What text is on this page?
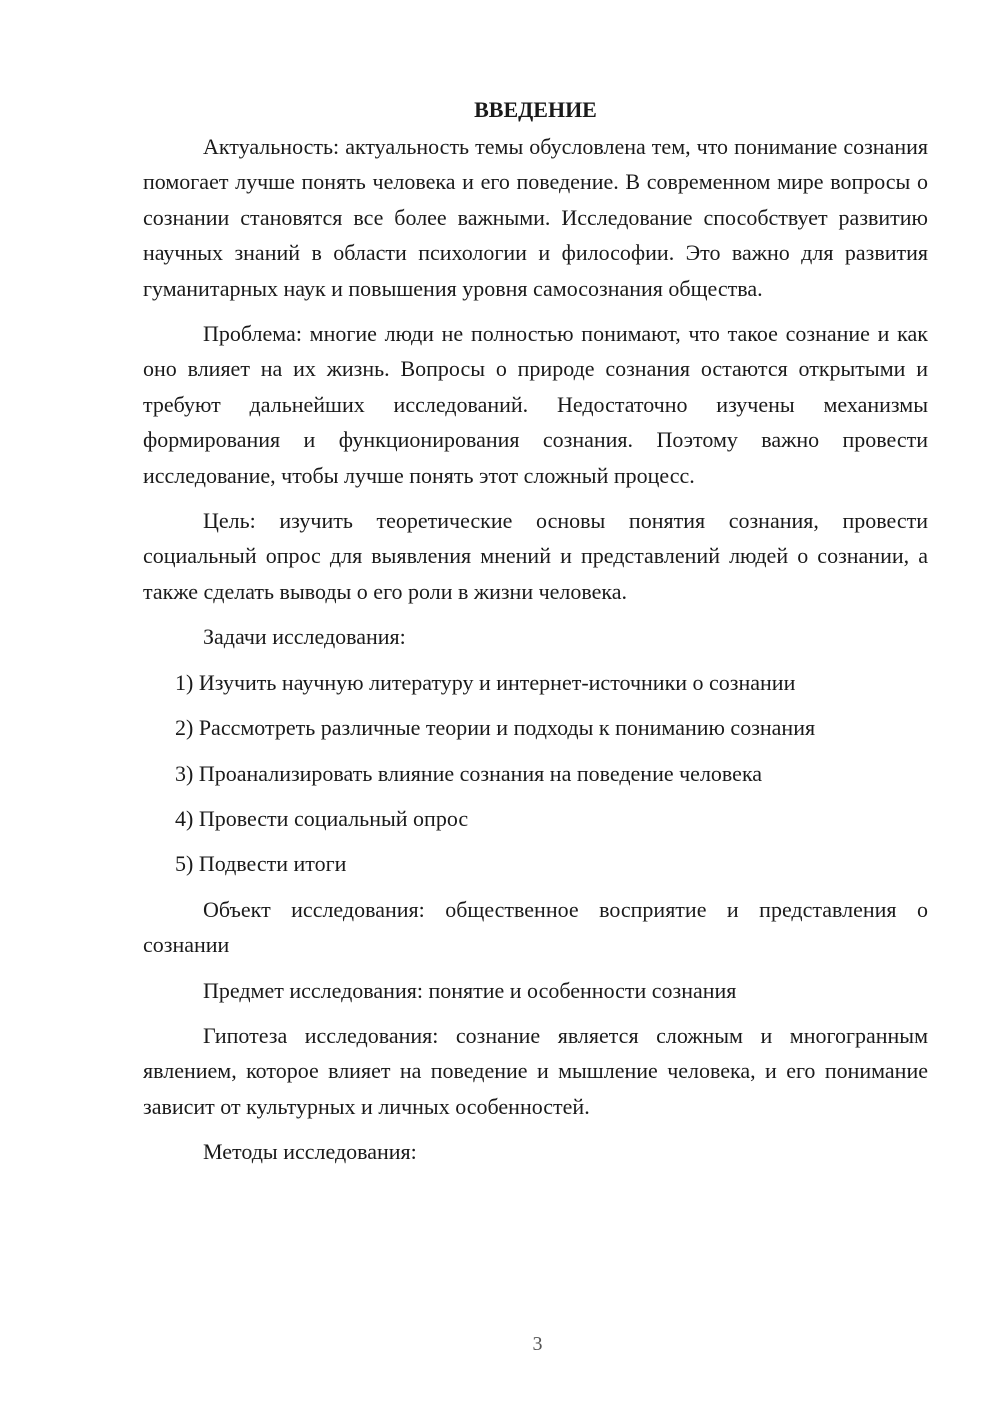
ВВЕДЕНИЕ

Актуальность: актуальность темы обусловлена тем, что понимание сознания помогает лучше понять человека и его поведение. В современном мире вопросы о сознании становятся все более важными. Исследование способствует развитию научных знаний в области психологии и философии. Это важно для развития гуманитарных наук и повышения уровня самосознания общества.

Проблема: многие люди не полностью понимают, что такое сознание и как оно влияет на их жизнь. Вопросы о природе сознания остаются открытыми и требуют дальнейших исследований. Недостаточно изучены механизмы формирования и функционирования сознания. Поэтому важно провести исследование, чтобы лучше понять этот сложный процесс.

Цель: изучить теоретические основы понятия сознания, провести социальный опрос для выявления мнений и представлений людей о сознании, а также сделать выводы о его роли в жизни человека.

Задачи исследования:

1) Изучить научную литературу и интернет-источники о сознании
2) Рассмотреть различные теории и подходы к пониманию сознания
3) Проанализировать влияние сознания на поведение человека
4) Провести социальный опрос
5) Подвести итоги

Объект исследования: общественное восприятие и представления о сознании

Предмет исследования: понятие и особенности сознания

Гипотеза исследования: сознание является сложным и многогранным явлением, которое влияет на поведение и мышление человека, и его понимание зависит от культурных и личных особенностей.

Методы исследования:

3
